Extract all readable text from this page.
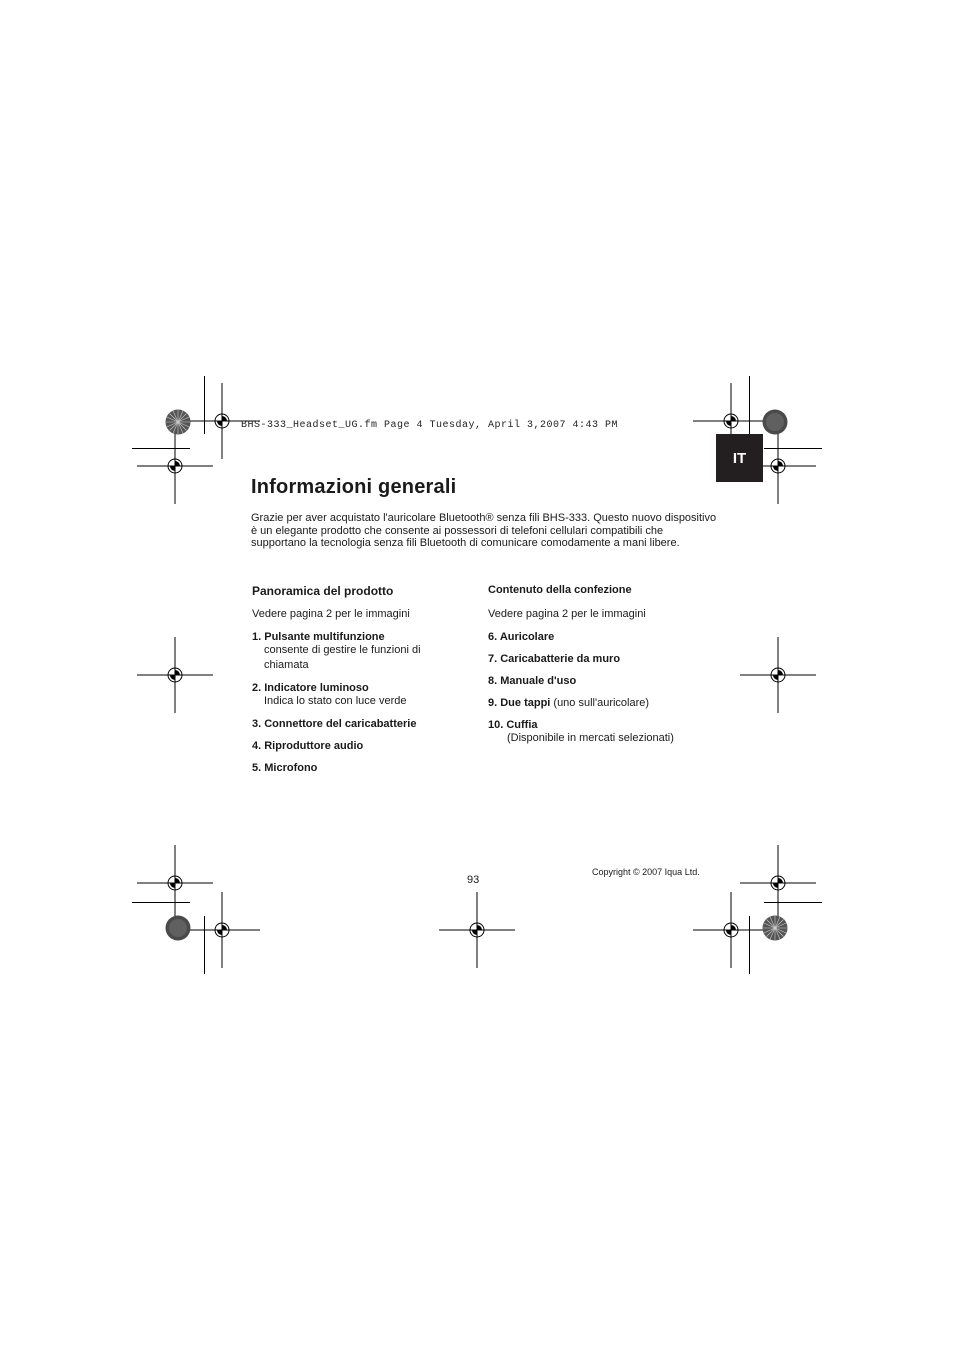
BHS-333_Headset_UG.fm Page 4 Tuesday, April 3,2007 4:43 PM
IT
Informazioni generali

Grazie per aver acquistato l'auricolare Bluetooth® senza fili BHS-333. Questo nuovo dispositivo è un elegante prodotto che consente ai possessori di telefoni cellulari compatibili che supportano la tecnologia senza fili Bluetooth di comunicare comodamente a mani libere.

Panoramica del prodotto
Vedere pagina 2 per le immagini
1. Pulsante multifunzione
consente di gestire le funzioni di chiamata
2. Indicatore luminoso
Indica lo stato con luce verde
3. Connettore del caricabatterie
4. Riproduttore audio
5. Microfono
Contenuto della confezione
Vedere pagina 2 per le immagini
6. Auricolare
7. Caricabatterie da muro
8. Manuale d'uso
9. Due tappi (uno sull'auricolare)
10. Cuffia
(Disponibile in mercati selezionati)
93
Copyright © 2007 Iqua Ltd.
